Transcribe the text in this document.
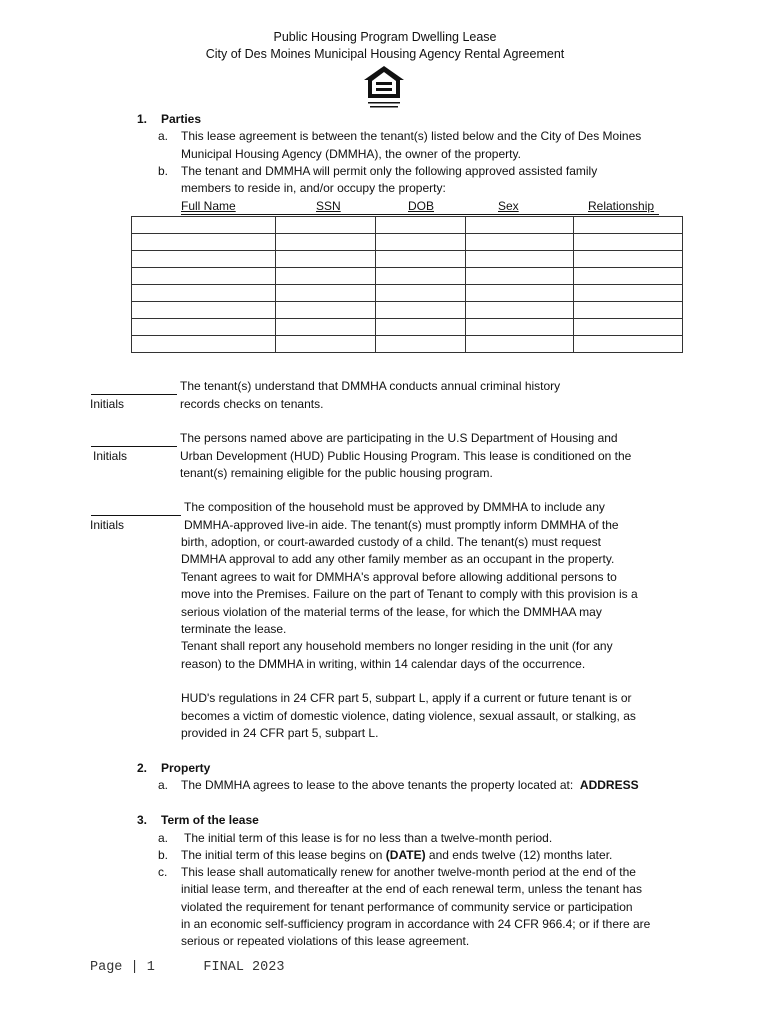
Public Housing Program Dwelling Lease
City of Des Moines Municipal Housing Agency Rental Agreement
1. Parties
a. This lease agreement is between the tenant(s) listed below and the City of Des Moines
Municipal Housing Agency (DMMHA), the owner of the property.
b. The tenant and DMMHA will permit only the following approved assisted family
members to reside in, and/or occupy the property:
Full Name	SSN	DOB	Sex	Relationship

The tenant(s) understand that DMMHA conducts annual criminal history
Initials	records checks on tenants.
The persons named above are participating in the U.S Department of Housing and
Initials	Urban Development (HUD) Public Housing Program. This lease is conditioned on the
tenant(s) remaining eligible for the public housing program.
The composition of the household must be approved by DMMHA to include any
Initials	DMMHA-approved live-in aide. The tenant(s) must promptly inform DMMHA of the
birth, adoption, or court-awarded custody of a child. The tenant(s) must request
DMMHA approval to add any other family member as an occupant in the property.
Tenant agrees to wait for DMMHA's approval before allowing additional persons to
move into the Premises. Failure on the part of Tenant to comply with this provision is a
serious violation of the material terms of the lease, for which the DMMHAA may
terminate the lease.
Tenant shall report any household members no longer residing in the unit (for any
reason) to the DMMHA in writing, within 14 calendar days of the occurrence.
HUD's regulations in 24 CFR part 5, subpart L, apply if a current or future tenant is or
becomes a victim of domestic violence, dating violence, sexual assault, or stalking, as
provided in 24 CFR part 5, subpart L.
2. Property
a. The DMMHA agrees to lease to the above tenants the property located at: ADDRESS
3. Term of the lease
a. The initial term of this lease is for no less than a twelve-month period.
b. The initial term of this lease begins on (DATE) and ends twelve (12) months later.
c. This lease shall automatically renew for another twelve-month period at the end of the
initial lease term, and thereafter at the end of each renewal term, unless the tenant has
violated the requirement for tenant performance of community service or participation
in an economic self-sufficiency program in accordance with 24 CFR 966.4; or if there are
serious or repeated violations of this lease agreement.
Page | 1	FINAL 2023
